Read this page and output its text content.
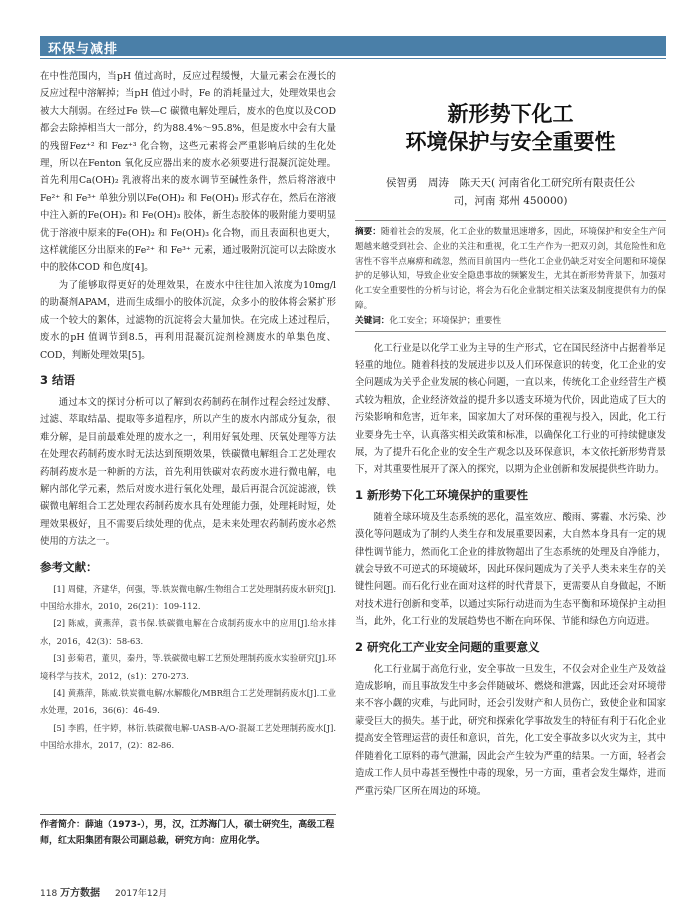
环保与减排

在中性范围内，当pH 值过高时，反应过程缓慢，大量元素会在漫长的反应过程中溶解掉；当pH 值过小时，Fe 的消耗量过大，处理效果也会被大大削弱。在经过Fe 铁—C 碳微电解处理后，废水的色度以及COD 都会去除掉相当大一部分，约为88.4%～95.8%，但是废水中会有大量的残留Fez⁺² 和 Fez⁺³ 化合物，这些元素将会严重影响后续的生化处理，所以在Fenton 氧化反应器出来的废水必须要进行混凝沉淀处理。首先利用Ca(OH)₂ 乳液将出来的废水调节至碱性条件，然后将溶液中Fe²⁺ 和 Fe³⁺ 单独分别以Fe(OH)₂ 和 Fe(OH)₃ 形式存在，然后在溶液中注入新的Fe(OH)₂ 和 Fe(OH)₃ 胶体，新生态胶体的吸附能力要明显优于溶液中原来的Fe(OH)₂ 和 Fe(OH)₃ 化合物，而且表面积也更大，这样就能区分出原来的Fe²⁺ 和 Fe³⁺ 元素，通过吸附沉淀可以去除废水中的胶体COD 和色度[4]。

为了能够取得更好的处理效果，在废水中往往加入浓度为10mg/l 的助凝剂APAM，进而生成细小的胶体沉淀，众多小的胶体将会紧扩形成一个较大的絮体，过滤物的沉淀将会大量加快。在完成上述过程后，废水的pH 值调节到8.5，再利用混凝沉淀剂检测废水的单集色度、COD，判断处理效果[5]。

3 结语

通过本文的探讨分析可以了解到农药制药在制作过程会经过发酵、过滤、萃取结晶、提取等多道程序，所以产生的废水内部成分复杂，很难分解，是目前最难处理的废水之一，利用好氧处理、厌氧处理等方法在处理农药制药废水时无法达到预期效果，铁碳微电解组合工艺处理农药制药废水是一种新的方法，首先利用铁碳对农药废水进行微电解，电解内部化学元素，然后对废水进行氧化处理，最后再混合沉淀滤液，铁碳微电解组合工艺处理农药制药废水具有处理能力强，处理耗时短，处理效果极好，且不需要后续处理的优点，是未来处理农药制药废水必然使用的方法之一。

参考文献：

[1] 周健，齐建华，何强，等.铁炭微电解/生物组合工艺处理制药废水研究[J].中国给水排水，2010，26(21)：109-112.

[2] 陈威，黄燕萍，袁书保.铁碳微电解在合成制药废水中的应用[J].给水排水，2016，42(3)：58-63.

[3] 彭菊君，董贝，秦丹，等.铁碳微电解工艺预处理制药废水实验研究[J].环境科学与技术，2012，(s1)：270-273.

[4] 黄燕萍，陈威.铁炭微电解/水解酸化/MBR组合工艺处理制药废水[J].工业水处理，2016，36(6)：46-49.

[5] 李鸥，任宇婷，林衍.铁碳微电解-UASB-A/O-混凝工艺处理制药废水[J].中国给水排水，2017，(2)：82-86.

作者简介：薛迪（1973-），男，汉，江苏海门人，硕士研究生，高级工程师，红太阳集团有限公司副总裁，研究方向：应用化学。
新形势下化工
环境保护与安全重要性
侯智勇　周涛　陈天天( 河南省化工研究所有限责任公
司，河南 郑州 450000)

摘要：随着社会的发展，化工企业的数量迅速增多，因此，环境保护和安全生产问题越来越受到社会、企业的关注和重视，化工生产作为一把双刃剑，其危险性和危害性不容半点麻痹和疏忽，然而目前国内一些化工企业仍缺乏对安全问题和环境保护的足够认知，导致企业安全隐患事故的频繁发生，尤其在新形势背景下，加强对化工安全重要性的分析与讨论，将会为石化企业制定相关法案及制度提供有力的保障。

关键词：化工安全；环境保护；重要性

化工行业是以化学工业为主导的生产形式，它在国民经济中占据着举足轻重的地位。随着科技的发展进步以及人们环保意识的转变，化工企业的安全问题成为关乎企业发展的核心问题，一直以来，传统化工企业经营生产模式较为粗放，企业经济效益的提升多以透支环境为代价，因此造成了巨大的污染影响和危害，近年来，国家加大了对环保的重视与投入，因此，化工行业要身先士卒，认真落实相关政策和标准，以确保化工行业的可持续健康发展，为了提升石化企业的安全生产观念以及环保意识，本文依托新形势背景下，对其重要性展开了深入的探究，以期为企业创新和发展提供些许助力。

1 新形势下化工环境保护的重要性

随着全球环境及生态系统的恶化，温室效应、酸雨、雾霾、水污染、沙漠化等问题成为了制约人类生存和发展重要因素，大自然本身具有一定的规律性调节能力，然而化工企业的排放物超出了生态系统的处理及自净能力，就会导致不可逆式的环境破坏，因此环保问题成为了关乎人类未来生存的关键性问题。而石化行业在面对这样的时代背景下，更需要从自身做起，不断对技术进行创新和变革，以通过实际行动进而为生态平衡和环境保护主动担当，此外，化工行业的发展趋势也不断在向环保、节能和绿色方向迈进。

2 研究化工产业安全问题的重要意义

化工行业属于高危行业，安全事故一旦发生，不仅会对企业生产及效益造成影响，而且事故发生中多会伴随破坏、燃烧和泄露，因此还会对环境带来不容小觑的灾难，与此同时，还会引发财产和人员伤亡，致使企业和国家蒙受巨大的损失。基于此，研究和探索化学事故发生的特征有利于石化企业提高安全管理运营的责任和意识，首先，化工安全事故多以火灾为主，其中伴随着化工原料的毒气泄漏，因此会产生较为严重的结果。一方面，轻者会造成工作人员中毒甚至慢性中毒的现象，另一方面，重者会发生爆炸，进而严重污染厂区所在周边的环境。

118 万方数据 2017年12月
